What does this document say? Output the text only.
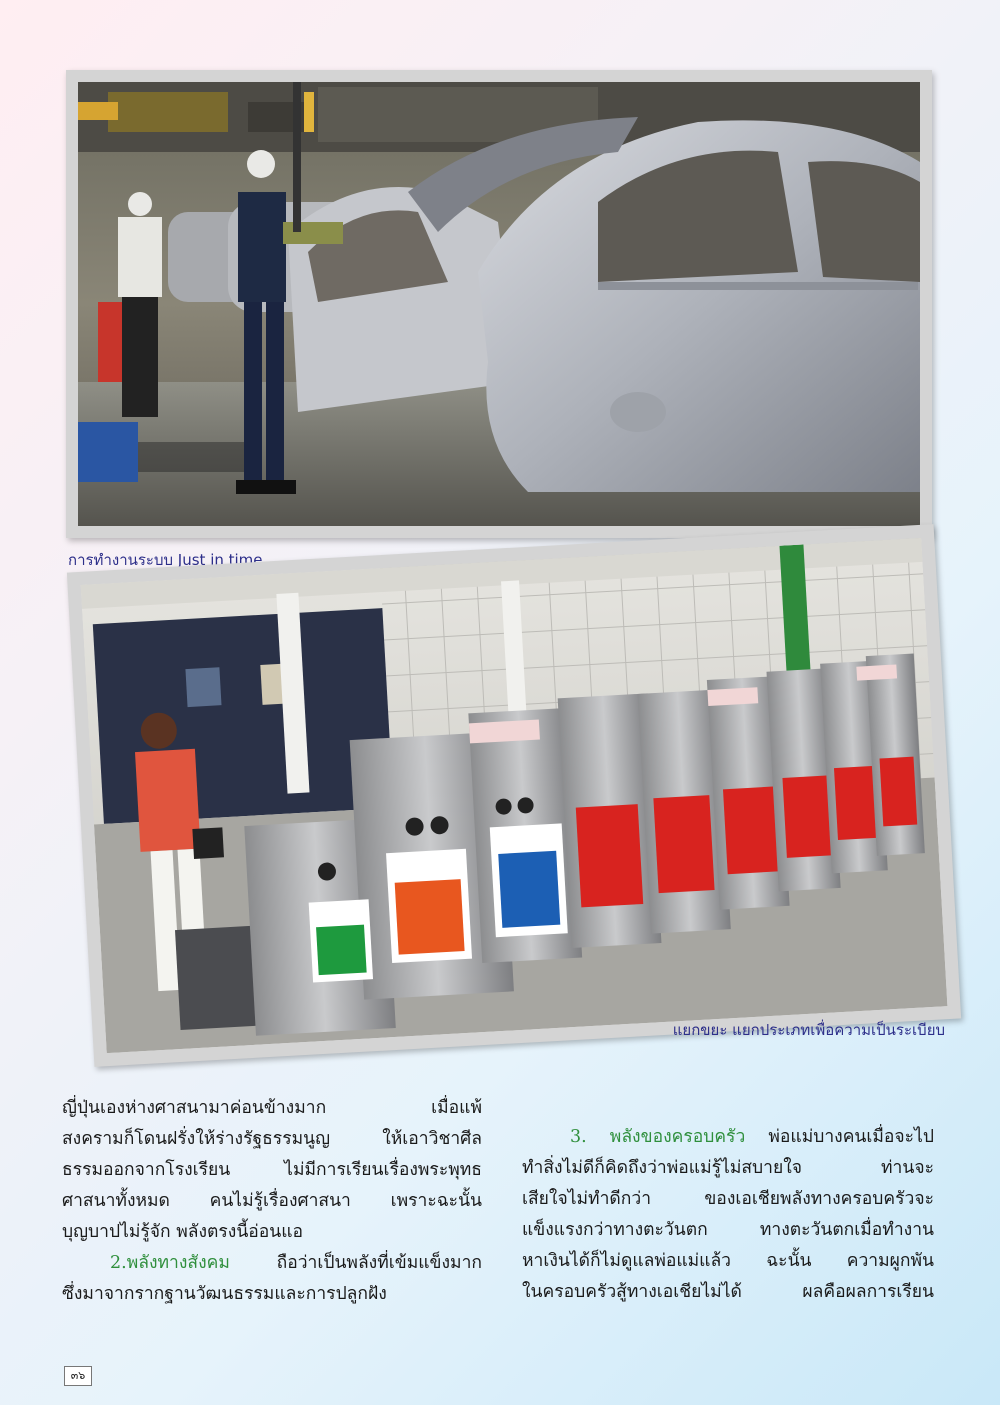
การทำงานระบบ Just in time
แยกขยะ แยกประเภทเพื่อความเป็นระเบียบ
ญี่ปุ่นเองห่างศาสนามาค่อนข้างมาก เมื่อแพ้
สงครามก็โดนฝรั่งให้ร่างรัฐธรรมนูญ ให้เอาวิชาศีล
ธรรมออกจากโรงเรียน ไม่มีการเรียนเรื่องพระพุทธ
ศาสนาทั้งหมด คนไม่รู้เรื่องศาสนา เพราะฉะนั้น
บุญบาปไม่รู้จัก พลังตรงนี้อ่อนแอ
2.พลังทางสังคม ถือว่าเป็นพลังที่เข้มแข็งมาก
ซึ่งมาจากรากฐานวัฒนธรรมและการปลูกฝัง
3. พลังของครอบครัว พ่อแม่บางคนเมื่อจะไป
ทำสิ่งไม่ดีก็คิดถึงว่าพ่อแม่รู้ไม่สบายใจ ท่านจะ
เสียใจไม่ทำดีกว่า ของเอเชียพลังทางครอบครัวจะ
แข็งแรงกว่าทางตะวันตก ทางตะวันตกเมื่อทำงาน
หาเงินได้ก็ไม่ดูแลพ่อแม่แล้ว ฉะนั้น ความผูกพัน
ในครอบครัวสู้ทางเอเชียไม่ได้ ผลคือผลการเรียน
๓๖
